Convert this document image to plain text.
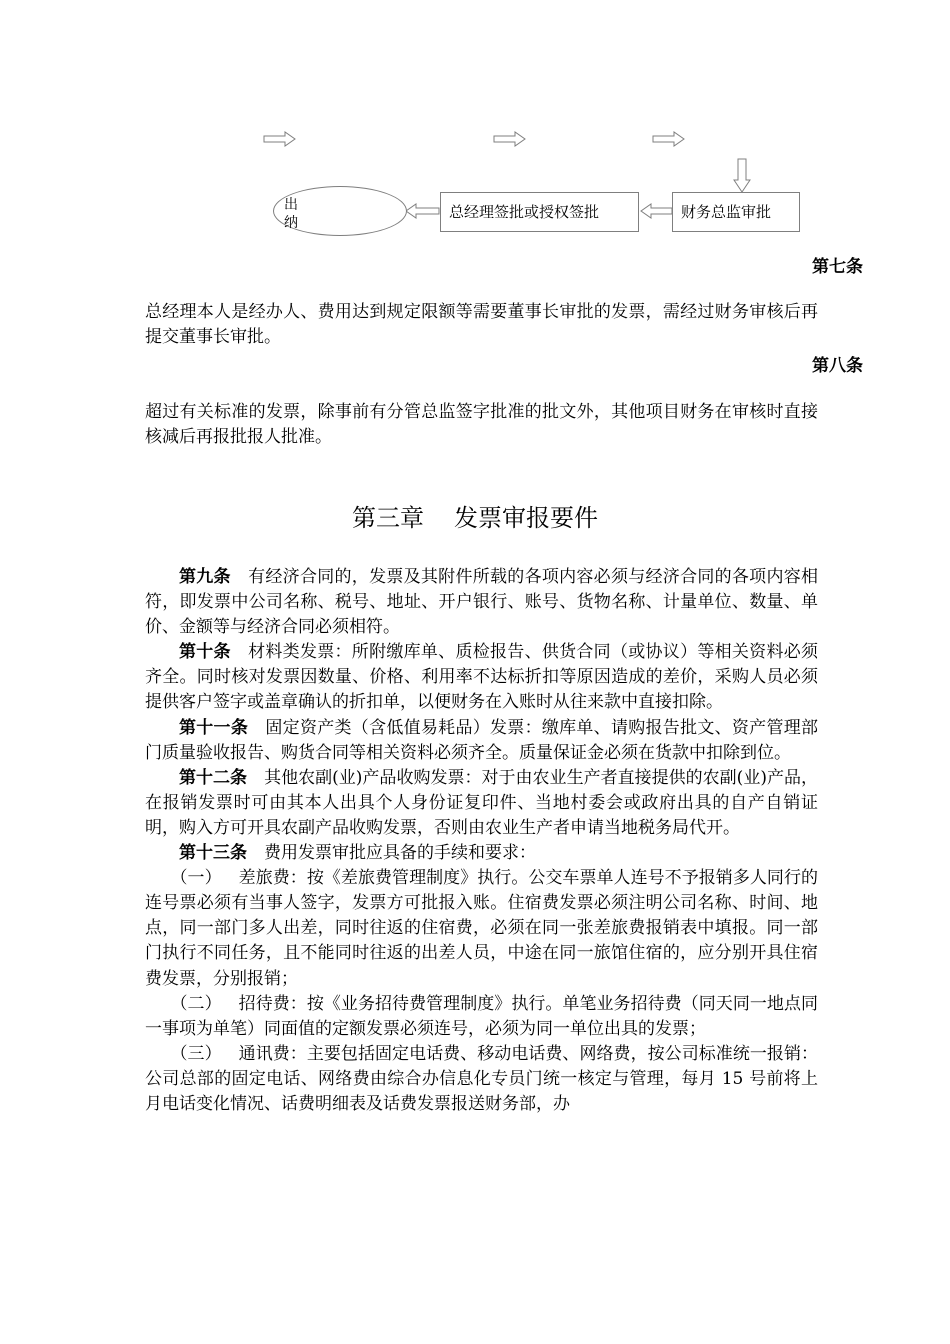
财务总监审批
总经理签批或授权签批
出
纳
第七条
总经理本人是经办人、费用达到规定限额等需要董事长审批的发票，需经过财务审核后再提交董事长审批。
第八条
超过有关标准的发票，除事前有分管总监签字批准的批文外，其他项目财务在审核时直接核减后再报批报人批准。
第三章 发票审报要件

第九条 有经济合同的，发票及其附件所载的各项内容必须与经济合同的各项内容相符，即发票中公司名称、税号、地址、开户银行、账号、货物名称、计量单位、数量、单价、金额等与经济合同必须相符。

第十条 材料类发票：所附缴库单、质检报告、供货合同（或协议）等相关资料必须齐全。同时核对发票因数量、价格、利用率不达标折扣等原因造成的差价，采购人员必须提供客户签字或盖章确认的折扣单，以便财务在入账时从往来款中直接扣除。

第十一条 固定资产类（含低值易耗品）发票：缴库单、请购报告批文、资产管理部门质量验收报告、购货合同等相关资料必须齐全。质量保证金必须在货款中扣除到位。

第十二条 其他农副(业)产品收购发票：对于由农业生产者直接提供的农副(业)产品，在报销发票时可由其本人出具个人身份证复印件、当地村委会或政府出具的自产自销证明，购入方可开具农副产品收购发票，否则由农业生产者申请当地税务局代开。

第十三条 费用发票审批应具备的手续和要求：

（一） 差旅费：按《差旅费管理制度》执行。公交车票单人连号不予报销多人同行的连号票必须有当事人签字，发票方可批报入账。住宿费发票必须注明公司名称、时间、地点，同一部门多人出差，同时往返的住宿费，必须在同一张差旅费报销表中填报。同一部门执行不同任务，且不能同时往返的出差人员，中途在同一旅馆住宿的，应分别开具住宿费发票，分别报销；

（二） 招待费：按《业务招待费管理制度》执行。单笔业务招待费（同天同一地点同一事项为单笔）同面值的定额发票必须连号，必须为同一单位出具的发票；

（三） 通讯费：主要包括固定电话费、移动电话费、网络费，按公司标准统一报销：公司总部的固定电话、网络费由综合办信息化专员门统一核定与管理，每月 15 号前将上月电话变化情况、话费明细表及话费发票报送财务部，办
